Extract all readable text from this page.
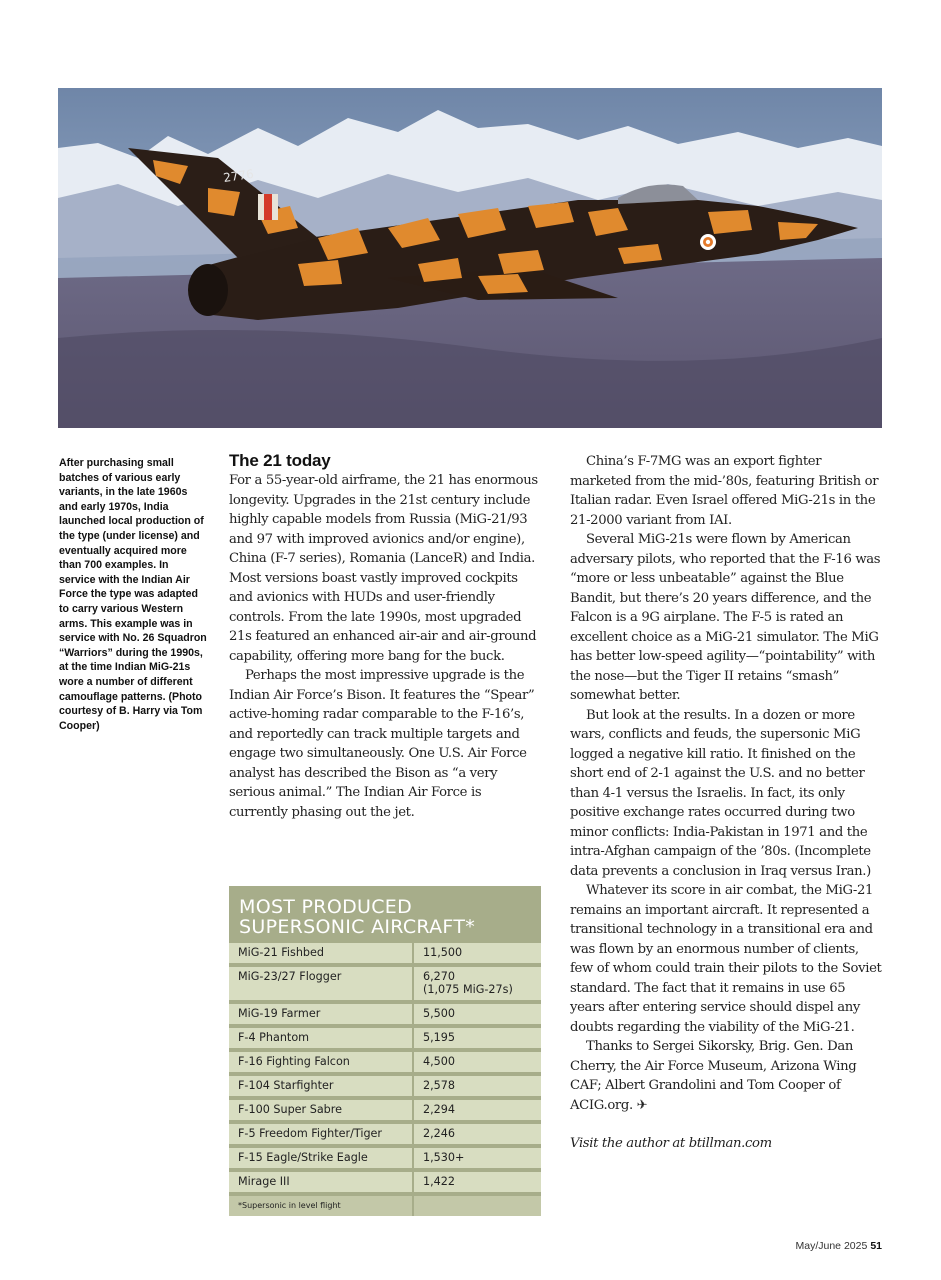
2776
After purchasing small batches of various early variants, in the late 1960s and early 1970s, India launched local production of the type (under license) and eventually acquired more than 700 examples. In service with the Indian Air Force the type was adapted to carry various Western arms. This example was in service with No. 26 Squadron “Warriors” during the 1990s, at the time Indian MiG-21s wore a number of different camouflage patterns. (Photo courtesy of B. Harry via Tom Cooper)
The 21 today

For a 55-year-old airframe, the 21 has enormous longevity. Upgrades in the 21st century include highly capable models from Russia (MiG-21/93 and 97 with improved avionics and/or engine), China (F-7 series), Romania (LanceR) and India. Most versions boast vastly improved cockpits and avionics with HUDs and user-friendly controls. From the late 1990s, most upgraded 21s featured an enhanced air-air and air-ground capability, offering more bang for the buck.

Perhaps the most impressive upgrade is the Indian Air Force’s Bison. It features the “Spear” active-homing radar comparable to the F-16’s, and reportedly can track multiple targets and engage two simultaneously. One U.S. Air Force analyst has described the Bison as “a very serious animal.” The Indian Air Force is currently phasing out the jet.

China’s F-7MG was an export fighter marketed from the mid-’80s, featuring British or Italian radar. Even Israel offered MiG-21s in the 21-2000 variant from IAI.

Several MiG-21s were flown by American adversary pilots, who reported that the F-16 was “more or less unbeatable” against the Blue Bandit, but there’s 20 years difference, and the Falcon is a 9G airplane. The F-5 is rated an excellent choice as a MiG-21 simulator. The MiG has better low-speed agility—“pointability” with the nose—but the Tiger II retains “smash” somewhat better.

But look at the results. In a dozen or more wars, conflicts and feuds, the supersonic MiG logged a negative kill ratio. It finished on the short end of 2-1 against the U.S. and no better than 4-1 versus the Israelis. In fact, its only positive exchange rates occurred during two minor conflicts: India-Pakistan in 1971 and the intra-Afghan campaign of the ’80s. (Incomplete data prevents a conclusion in Iraq versus Iran.)

Whatever its score in air combat, the MiG-21 remains an important aircraft. It represented a transitional technology in a transitional era and was flown by an enormous number of clients, few of whom could train their pilots to the Soviet standard. The fact that it remains in use 65 years after entering service should dispel any doubts regarding the viability of the MiG-21.

Thanks to Sergei Sikorsky, Brig. Gen. Dan Cherry, the Air Force Museum, Arizona Wing CAF; Albert Grandolini and Tom Cooper of ACIG.org. ✈

Visit the author at btillman.com

MOST PRODUCED SUPERSONIC AIRCRAFT*
MiG-21 Fishbed	11,500
MiG-23/27 Flogger	6,270
(1,075 MiG-27s)

MiG-19 Farmer	5,500
F-4 Phantom	5,195
F-16 Fighting Falcon	4,500
F-104 Starfighter	2,578
F-100 Super Sabre	2,294
F-5 Freedom Fighter/Tiger	2,246
F-15 Eagle/Strike Eagle	1,530+
Mirage III	1,422
*Supersonic in level flight	
May/June 2025 51
